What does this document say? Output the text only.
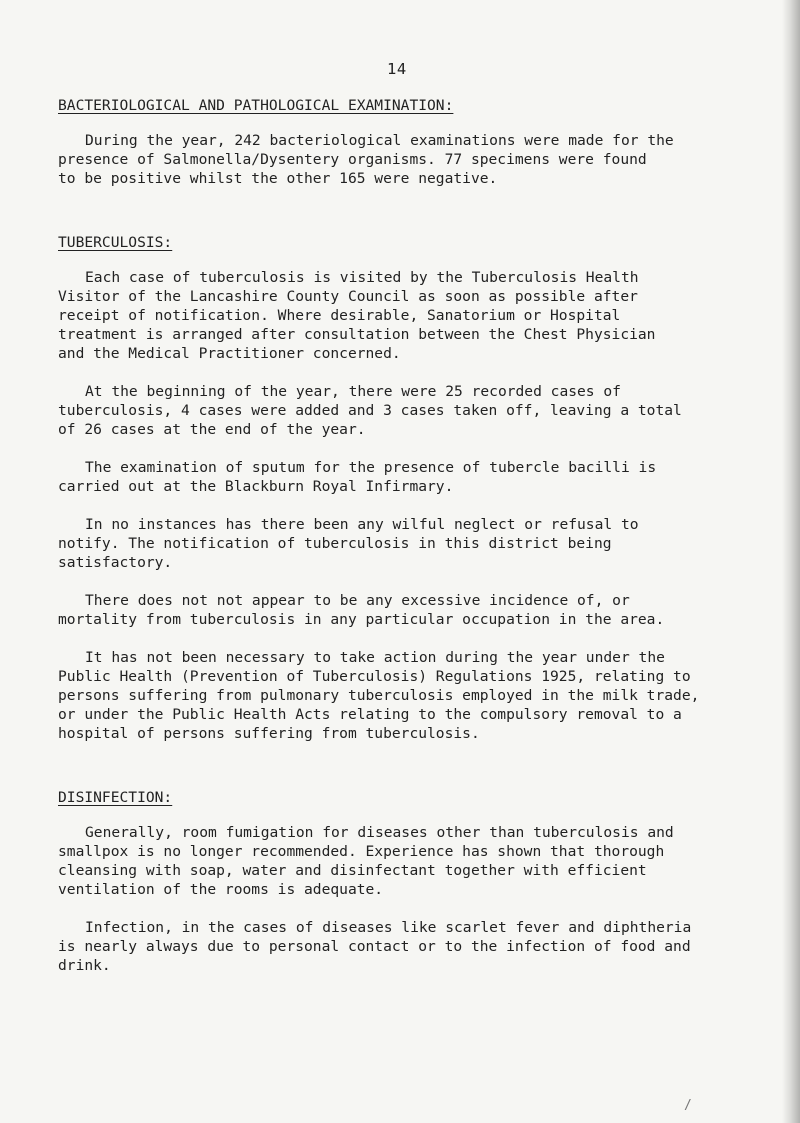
14
BACTERIOLOGICAL AND PATHOLOGICAL EXAMINATION:

During the year, 242 bacteriological examinations were made for the
presence of Salmonella/Dysentery organisms. 77 specimens were found
to be positive whilst the other 165 were negative.

TUBERCULOSIS:

Each case of tuberculosis is visited by the Tuberculosis Health
Visitor of the Lancashire County Council as soon as possible after
receipt of notification. Where desirable, Sanatorium or Hospital
treatment is arranged after consultation between the Chest Physician
and the Medical Practitioner concerned.

At the beginning of the year, there were 25 recorded cases of
tuberculosis, 4 cases were added and 3 cases taken off, leaving a total
of 26 cases at the end of the year.

The examination of sputum for the presence of tubercle bacilli is
carried out at the Blackburn Royal Infirmary.

In no instances has there been any wilful neglect or refusal to
notify. The notification of tuberculosis in this district being
satisfactory.

There does not not appear to be any excessive incidence of, or
mortality from tuberculosis in any particular occupation in the area.

It has not been necessary to take action during the year under the
Public Health (Prevention of Tuberculosis) Regulations 1925, relating to
persons suffering from pulmonary tuberculosis employed in the milk trade,
or under the Public Health Acts relating to the compulsory removal to a
hospital of persons suffering from tuberculosis.

DISINFECTION:

Generally, room fumigation for diseases other than tuberculosis and
smallpox is no longer recommended. Experience has shown that thorough
cleansing with soap, water and disinfectant together with efficient
ventilation of the rooms is adequate.

Infection, in the cases of diseases like scarlet fever and diphtheria
is nearly always due to personal contact or to the infection of food and
drink.

/
